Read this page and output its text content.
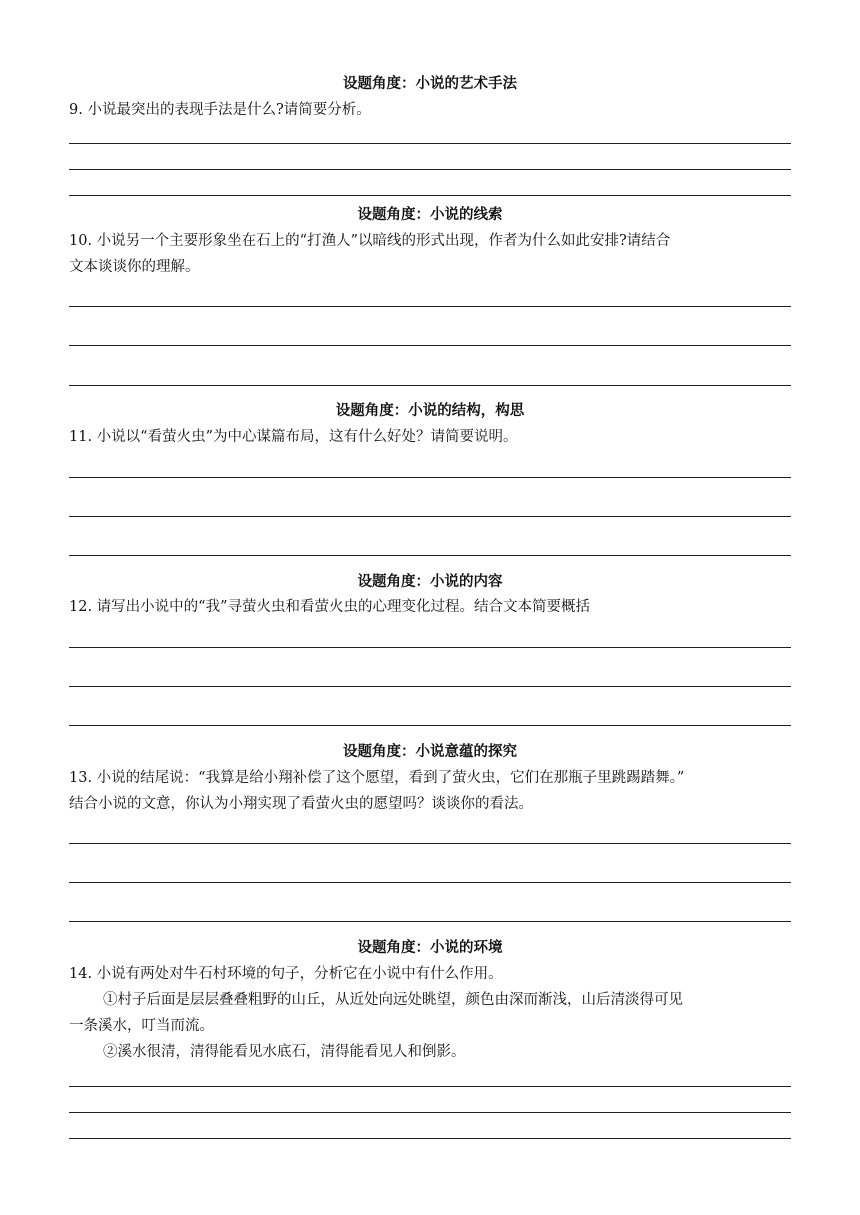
设题角度：小说的艺术手法
9. 小说最突出的表现手法是什么?请简要分析。
设题角度：小说的线索
10. 小说另一个主要形象坐在石上的“打渔人”以暗线的形式出现，作者为什么如此安排?请结合
文本谈谈你的理解。
设题角度：小说的结构，构思
11. 小说以“看萤火虫”为中心谋篇布局，这有什么好处？请简要说明。
设题角度：小说的内容
12. 请写出小说中的“我”寻萤火虫和看萤火虫的心理变化过程。结合文本简要概括
设题角度：小说意蕴的探究
13. 小说的结尾说：“我算是给小翔补偿了这个愿望，看到了萤火虫，它们在那瓶子里跳踢踏舞。”
结合小说的文意，你认为小翔实现了看萤火虫的愿望吗？谈谈你的看法。
设题角度：小说的环境
14. 小说有两处对牛石村环境的句子，分析它在小说中有什么作用。
①村子后面是层层叠叠粗野的山丘，从近处向远处眺望，颜色由深而渐浅，山后清淡得可见
一条溪水，叮当而流。
②溪水很清，清得能看见水底石，清得能看见人和倒影。
